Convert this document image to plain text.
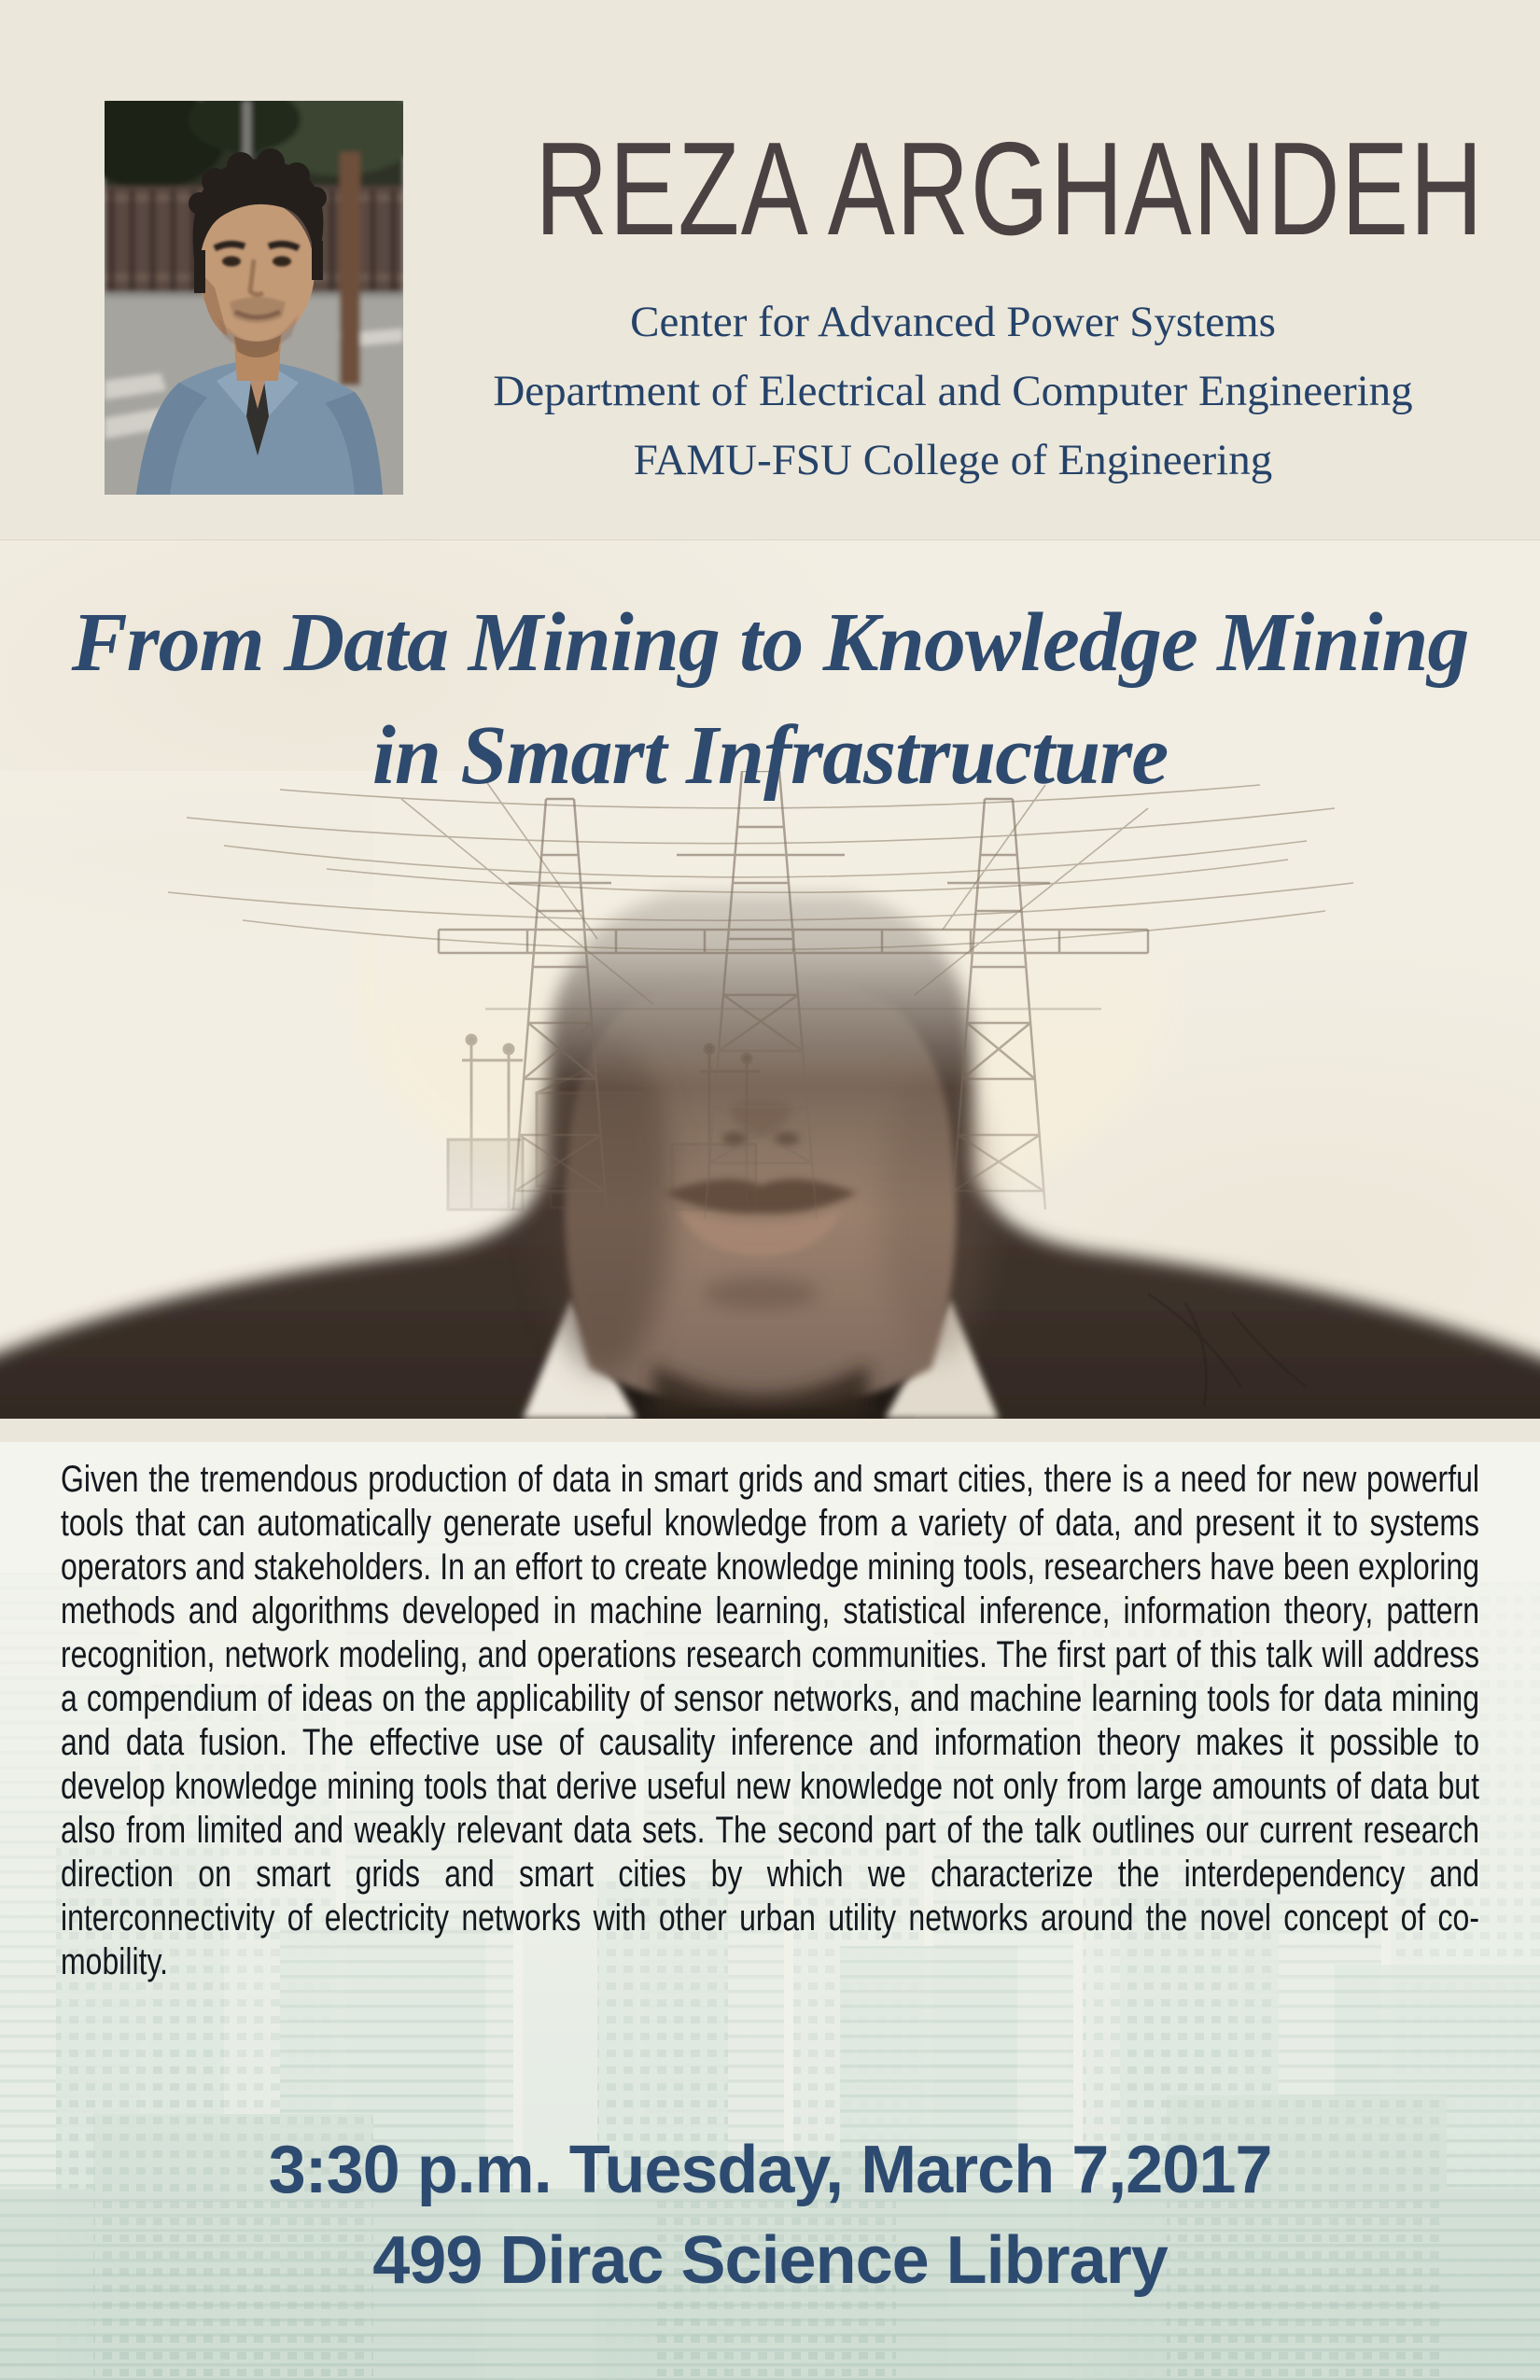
REZA ARGHANDEH
Center for Advanced Power Systems
Department of Electrical and Computer Engineering
FAMU-FSU College of Engineering
From Data Mining to Knowledge Mining
in Smart Infrastructure
Given the tremendous production of data in smart grids and smart cities, there is a need for new powerful tools that can automatically generate useful knowledge from a variety of data, and present it to systems operators and stakeholders. In an effort to create knowledge mining tools, researchers have been exploring methods and algorithms developed in machine learning, statistical inference, information theory, pattern recognition, network modeling, and operations research communities. The first part of this talk will address a compendium of ideas on the applicability of sensor networks, and machine learning tools for data mining and data fusion. The effective use of causality inference and information theory makes it possible to develop knowledge mining tools that derive useful new knowledge not only from large amounts of data but also from limited and weakly relevant data sets. The second part of the talk outlines our current research direction on smart grids and smart cities by which we characterize the interdependency and interconnectivity of electricity networks with other urban utility networks around the novel concept of co-mobility.
3:30 p.m. Tuesday, March 7,2017
499 Dirac Science Library
